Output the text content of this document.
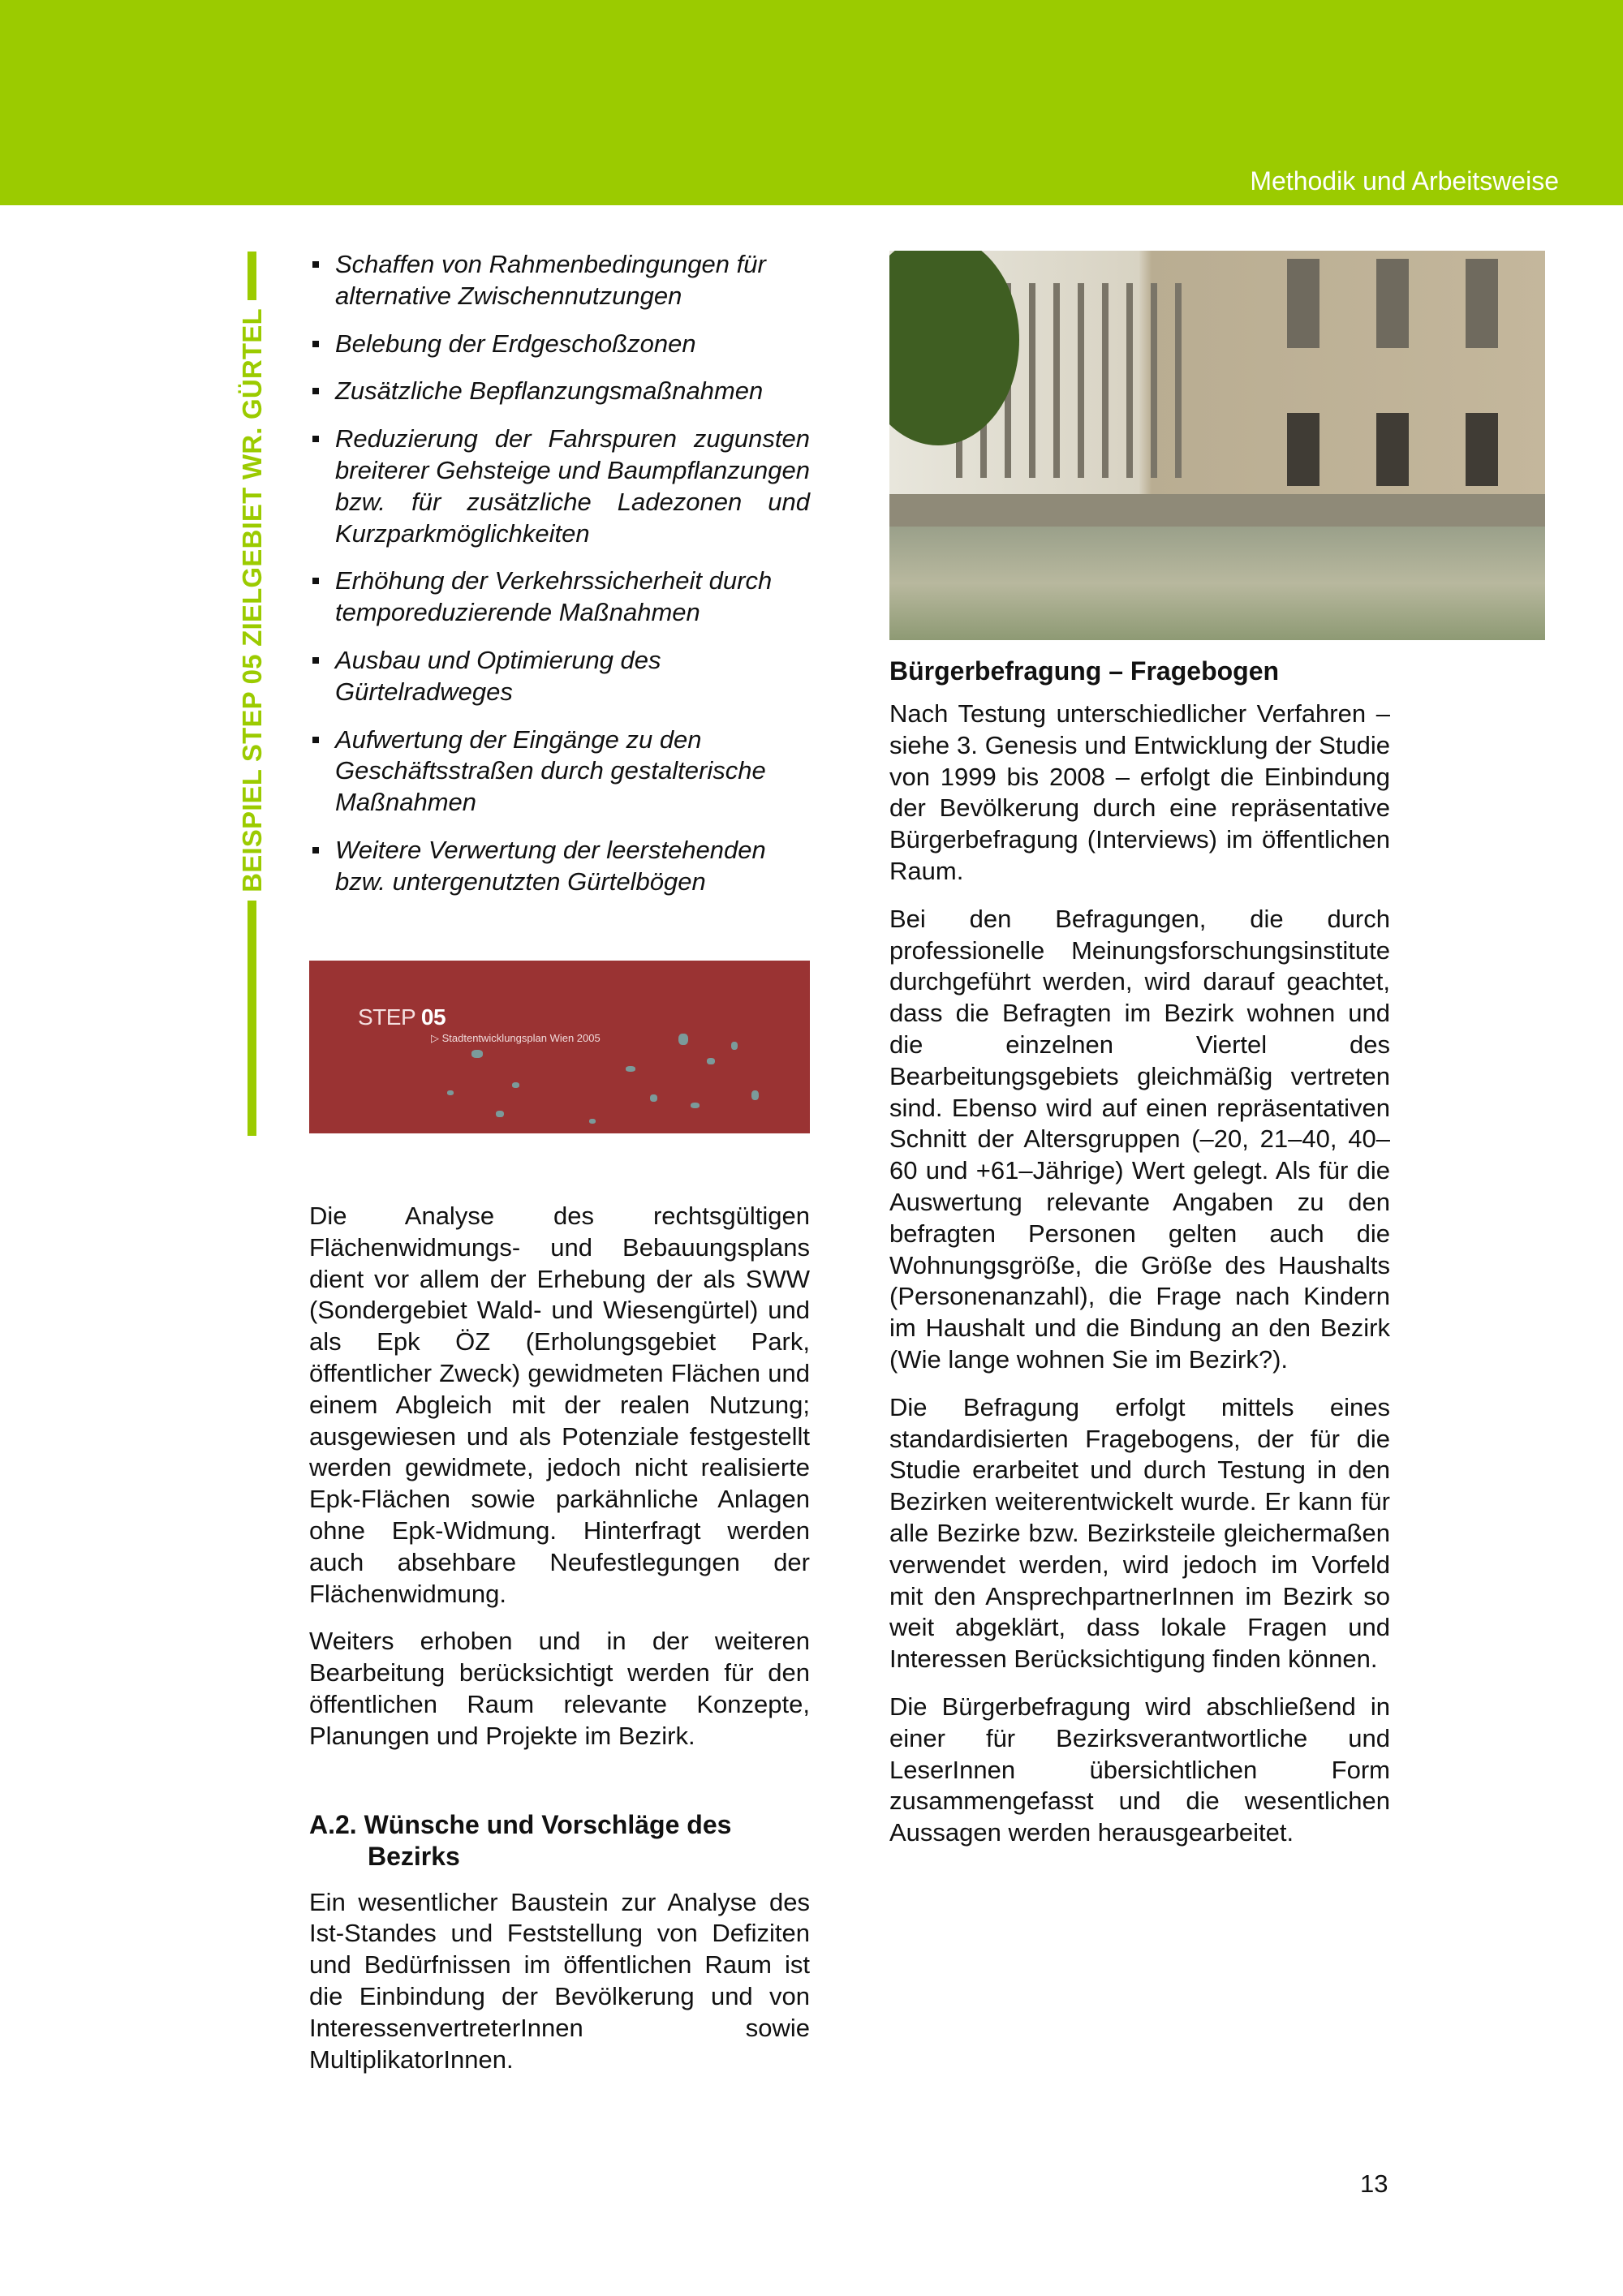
Methodik und Arbeitsweise
BEISPIEL STEP 05 ZIELGEBIET WR. GÜRTEL
Schaffen von Rahmenbedingungen für alternative Zwischennutzungen
Belebung der Erdgeschoßzonen
Zusätzliche Bepflanzungsmaßnahmen
Reduzierung der Fahrspuren zugunsten breiterer Gehsteige und Baumpflanzungen bzw. für zusätzliche Ladezonen und Kurzparkmöglichkeiten
Erhöhung der Verkehrssicherheit durch temporeduzierende Maßnahmen
Ausbau und Optimierung des Gürtelradweges
Aufwertung der Eingänge zu den Geschäftsstraßen durch gestalterische Maßnahmen
Weitere Verwertung der leerstehenden bzw. untergenutzten Gürtelbögen
STEP 05
▷ Stadtentwicklungsplan Wien 2005

Die Analyse des rechtsgültigen Flächenwidmungs- und Bebauungsplans dient vor allem der Erhebung der als SWW (Sondergebiet Wald- und Wiesengürtel) und als Epk ÖZ (Erholungsgebiet Park, öffentlicher Zweck) gewidmeten Flächen und einem Abgleich mit der realen Nutzung; ausgewiesen und als Potenziale festgestellt werden gewidmete, jedoch nicht realisierte Epk-Flächen sowie parkähnliche Anlagen ohne Epk-Widmung. Hinterfragt werden auch absehbare Neufestlegungen der Flächenwidmung.

Weiters erhoben und in der weiteren Bearbeitung berücksichtigt werden für den öffentlichen Raum relevante Konzepte, Planungen und Projekte im Bezirk.

A.2. Wünsche und Vorschläge des Bezirks

Ein wesentlicher Baustein zur Analyse des Ist-Standes und Feststellung von Defiziten und Bedürfnissen im öffentlichen Raum ist die Einbindung der Bevölkerung und von InteressenvertreterInnen sowie MultiplikatorInnen.

Bürgerbefragung – Fragebogen

Nach Testung unterschiedlicher Verfahren – siehe 3. Genesis und Entwicklung der Studie von 1999 bis 2008 – erfolgt die Einbindung der Bevölkerung durch eine repräsentative Bürgerbefragung (Interviews) im öffentlichen Raum.

Bei den Befragungen, die durch professionelle Meinungsforschungsinstitute durchgeführt werden, wird darauf geachtet, dass die Befragten im Bezirk wohnen und die einzelnen Viertel des Bearbeitungsgebiets gleichmäßig vertreten sind. Ebenso wird auf einen repräsentativen Schnitt der Altersgruppen (–20, 21–40, 40–60 und +61–Jährige) Wert gelegt. Als für die Auswertung relevante Angaben zu den befragten Personen gelten auch die Wohnungsgröße, die Größe des Haushalts (Personenanzahl), die Frage nach Kindern im Haushalt und die Bindung an den Bezirk (Wie lange wohnen Sie im Bezirk?).

Die Befragung erfolgt mittels eines standardisierten Fragebogens, der für die Studie erarbeitet und durch Testung in den Bezirken weiterentwickelt wurde. Er kann für alle Bezirke bzw. Bezirksteile gleichermaßen verwendet werden, wird jedoch im Vorfeld mit den AnsprechpartnerInnen im Bezirk so weit abgeklärt, dass lokale Fragen und Interessen Berücksichtigung finden können.

Die Bürgerbefragung wird abschließend in einer für Bezirksverantwortliche und LeserInnen übersichtlichen Form zusammengefasst und die wesentlichen Aussagen werden herausgearbeitet.

13
